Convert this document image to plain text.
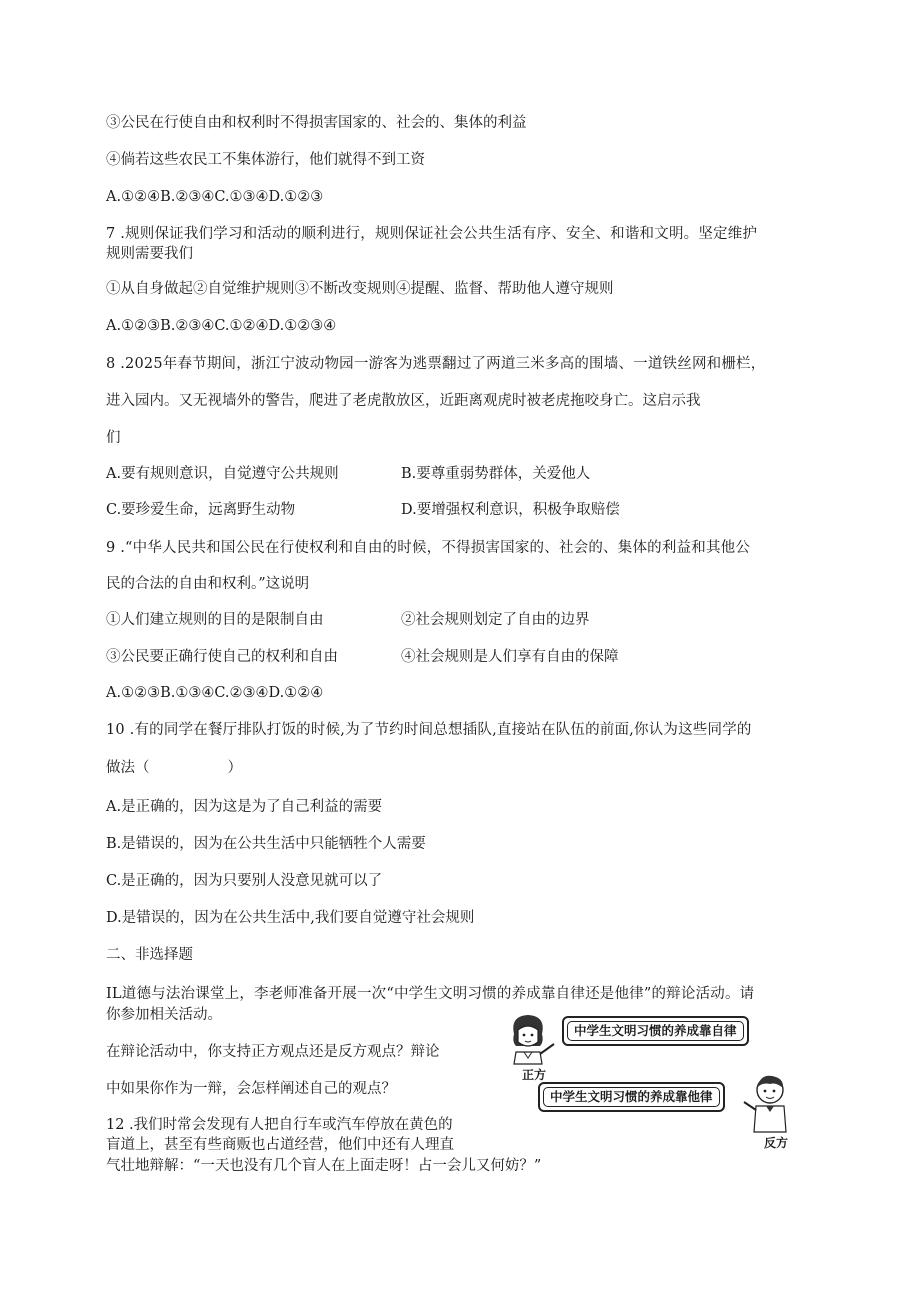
③公民在行使自由和权利时不得损害国家的、社会的、集体的利益
④倘若这些农民工不集体游行，他们就得不到工资
A.①②④B.②③④C.①③④D.①②③
7 .规则保证我们学习和活动的顺利进行，规则保证社会公共生活有序、安全、和谐和文明。坚定维护
规则需要我们
①从自身做起②自觉维护规则③不断改变规则④提醒、监督、帮助他人遵守规则
A.①②③B.②③④C.①②④D.①②③④
8 .2025年春节期间，浙江宁波动物园一游客为逃票翻过了两道三米多高的围墙、一道铁丝网和栅栏，
进入园内。又无视墙外的警告，爬进了老虎散放区，近距离观虎时被老虎拖咬身亡。这启示我
们
A.要有规则意识，自觉遵守公共规则	B.要尊重弱势群体，关爱他人
C.要珍爱生命，远离野生动物	D.要增强权利意识，积极争取赔偿
9 .“中华人民共和国公民在行使权利和自由的时候，不得损害国家的、社会的、集体的利益和其他公
民的合法的自由和权利。”这说明
①人们建立规则的目的是限制自由	②社会规则划定了自由的边界
③公民要正确行使自己的权利和自由	④社会规则是人们享有自由的保障
A.①②③B.①③④C.②③④D.①②④
10 .有的同学在餐厅排队打饭的时候,为了节约时间总想插队,直接站在队伍的前面,你认为这些同学的
做法（	）
A.是正确的，因为这是为了自己利益的需要
B.是错误的，因为在公共生活中只能牺牲个人需要
C.是正确的，因为只要别人没意见就可以了
D.是错误的，因为在公共生活中,我们要自觉遵守社会规则
二、非选择题
IL道德与法治课堂上，李老师准备开展一次“中学生文明习惯的养成靠自律还是他律”的辩论活动。请
你参加相关活动。
在辩论活动中，你支持正方观点还是反方观点？辩论
中如果你作为一辩，会怎样阐述自己的观点？
正方
中学生文明习惯的养成靠自律
中学生文明习惯的养成靠他律
反方
12 .我们时常会发现有人把自行车或汽车停放在黄色的
盲道上，甚至有些商贩也占道经营，他们中还有人理直
气壮地辩解：“一天也没有几个盲人在上面走呀！占一会儿又何妨？”
